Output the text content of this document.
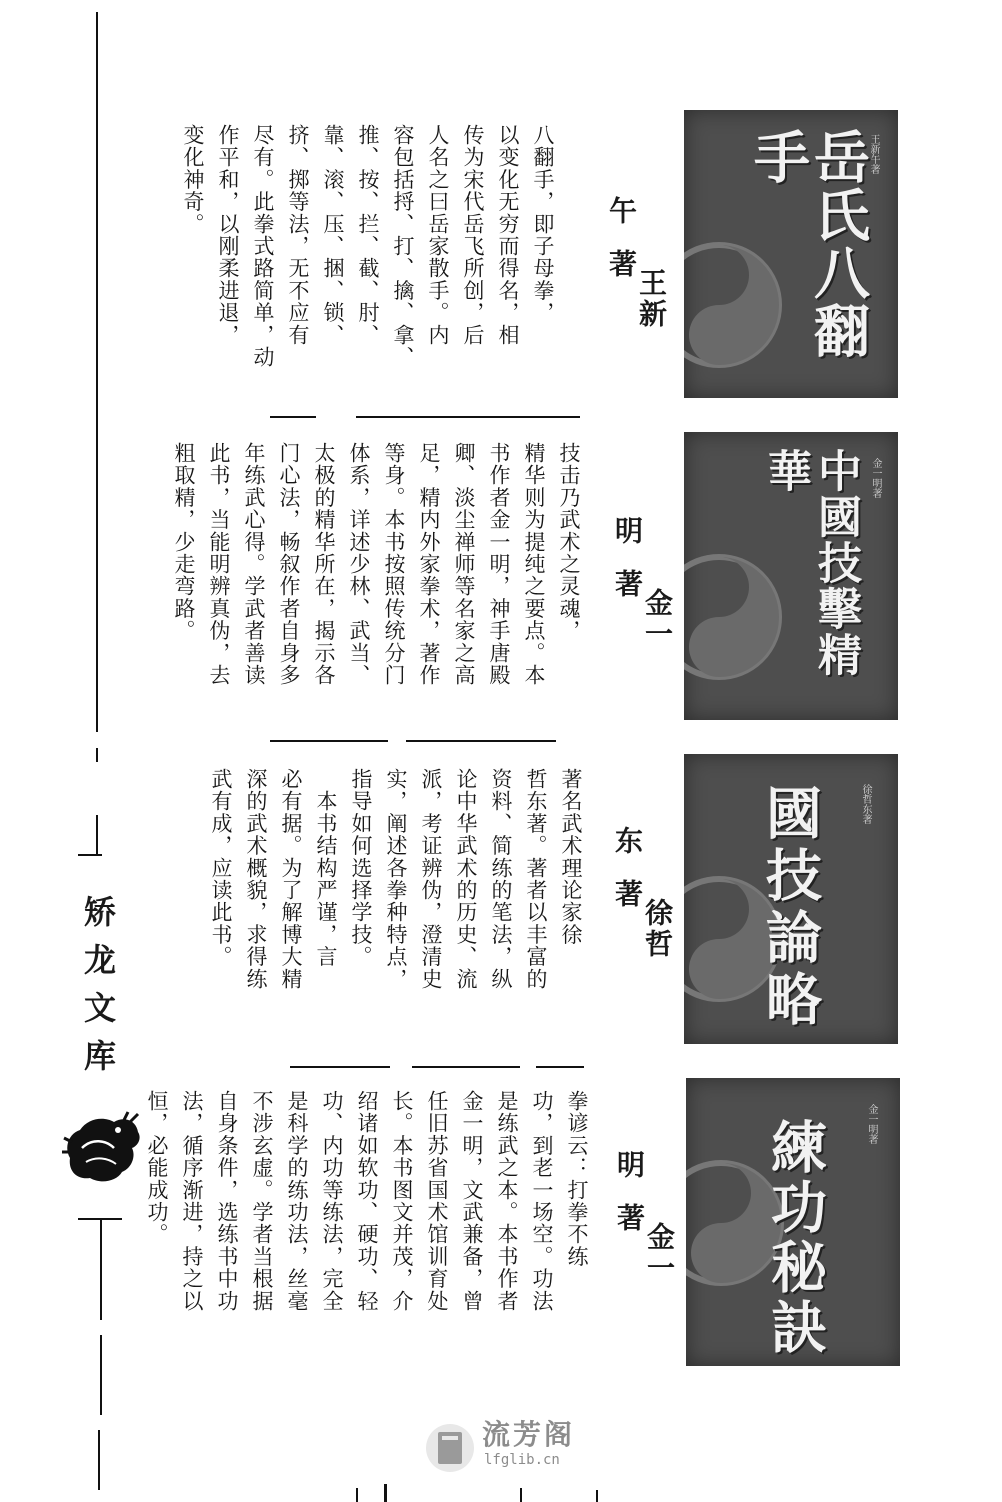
矫龙文库
八翻手，即子母拳，
以变化无穷而得名，相
传为宋代岳飞所创，后
人名之曰岳家散手。内
容包括捋、打、擒、拿、
推、按、拦、截、肘、
靠、滚、压、捆、锁、
挤、掷等法，无不应有
尽有。此拳式路简单，动
作平和，以刚柔进退，
变化神奇。

王新午著	岳氏八翻手	王新午著
技击乃武术之灵魂，
精华则为提纯之要点。本
书作者金一明，神手唐殿
卿、淡尘禅师等名家之高
足，精内外家拳术，著作
等身。本书按照传统分门
体系，详述少林、武当、
太极的精华所在，揭示各
门心法，畅叙作者自身多
年练武心得。学武者善读
此书，当能明辨真伪，去
粗取精，少走弯路。	金一明著	中國技擊精華	金一明著
著名武术理论家徐
哲东著。著者以丰富的
资料、简练的笔法，纵
论中华武术的历史、流
派，考证辨伪，澄清史
实，阐述各拳种特点，
指导如何选择学技。
　本书结构严谨，言
必有据。为了解博大精
深的武术概貌，求得练
武有成，应读此书。	徐哲东著	國技論略	徐哲东著
拳谚云：打拳不练
功，到老一场空。功法
是练武之本。本书作者
金一明，文武兼备，曾
任旧苏省国术馆训育处
长。本书图文并茂，介
绍诸如软功、硬功、轻
功、内功等练法，完全
是科学的练功法，丝毫
不涉玄虚。学者当根据
自身条件，选练书中功
法，循序渐进，持之以
恒，必能成功。

金一明著	練功秘訣	金一明著
流芳阁
lfglib.cn
